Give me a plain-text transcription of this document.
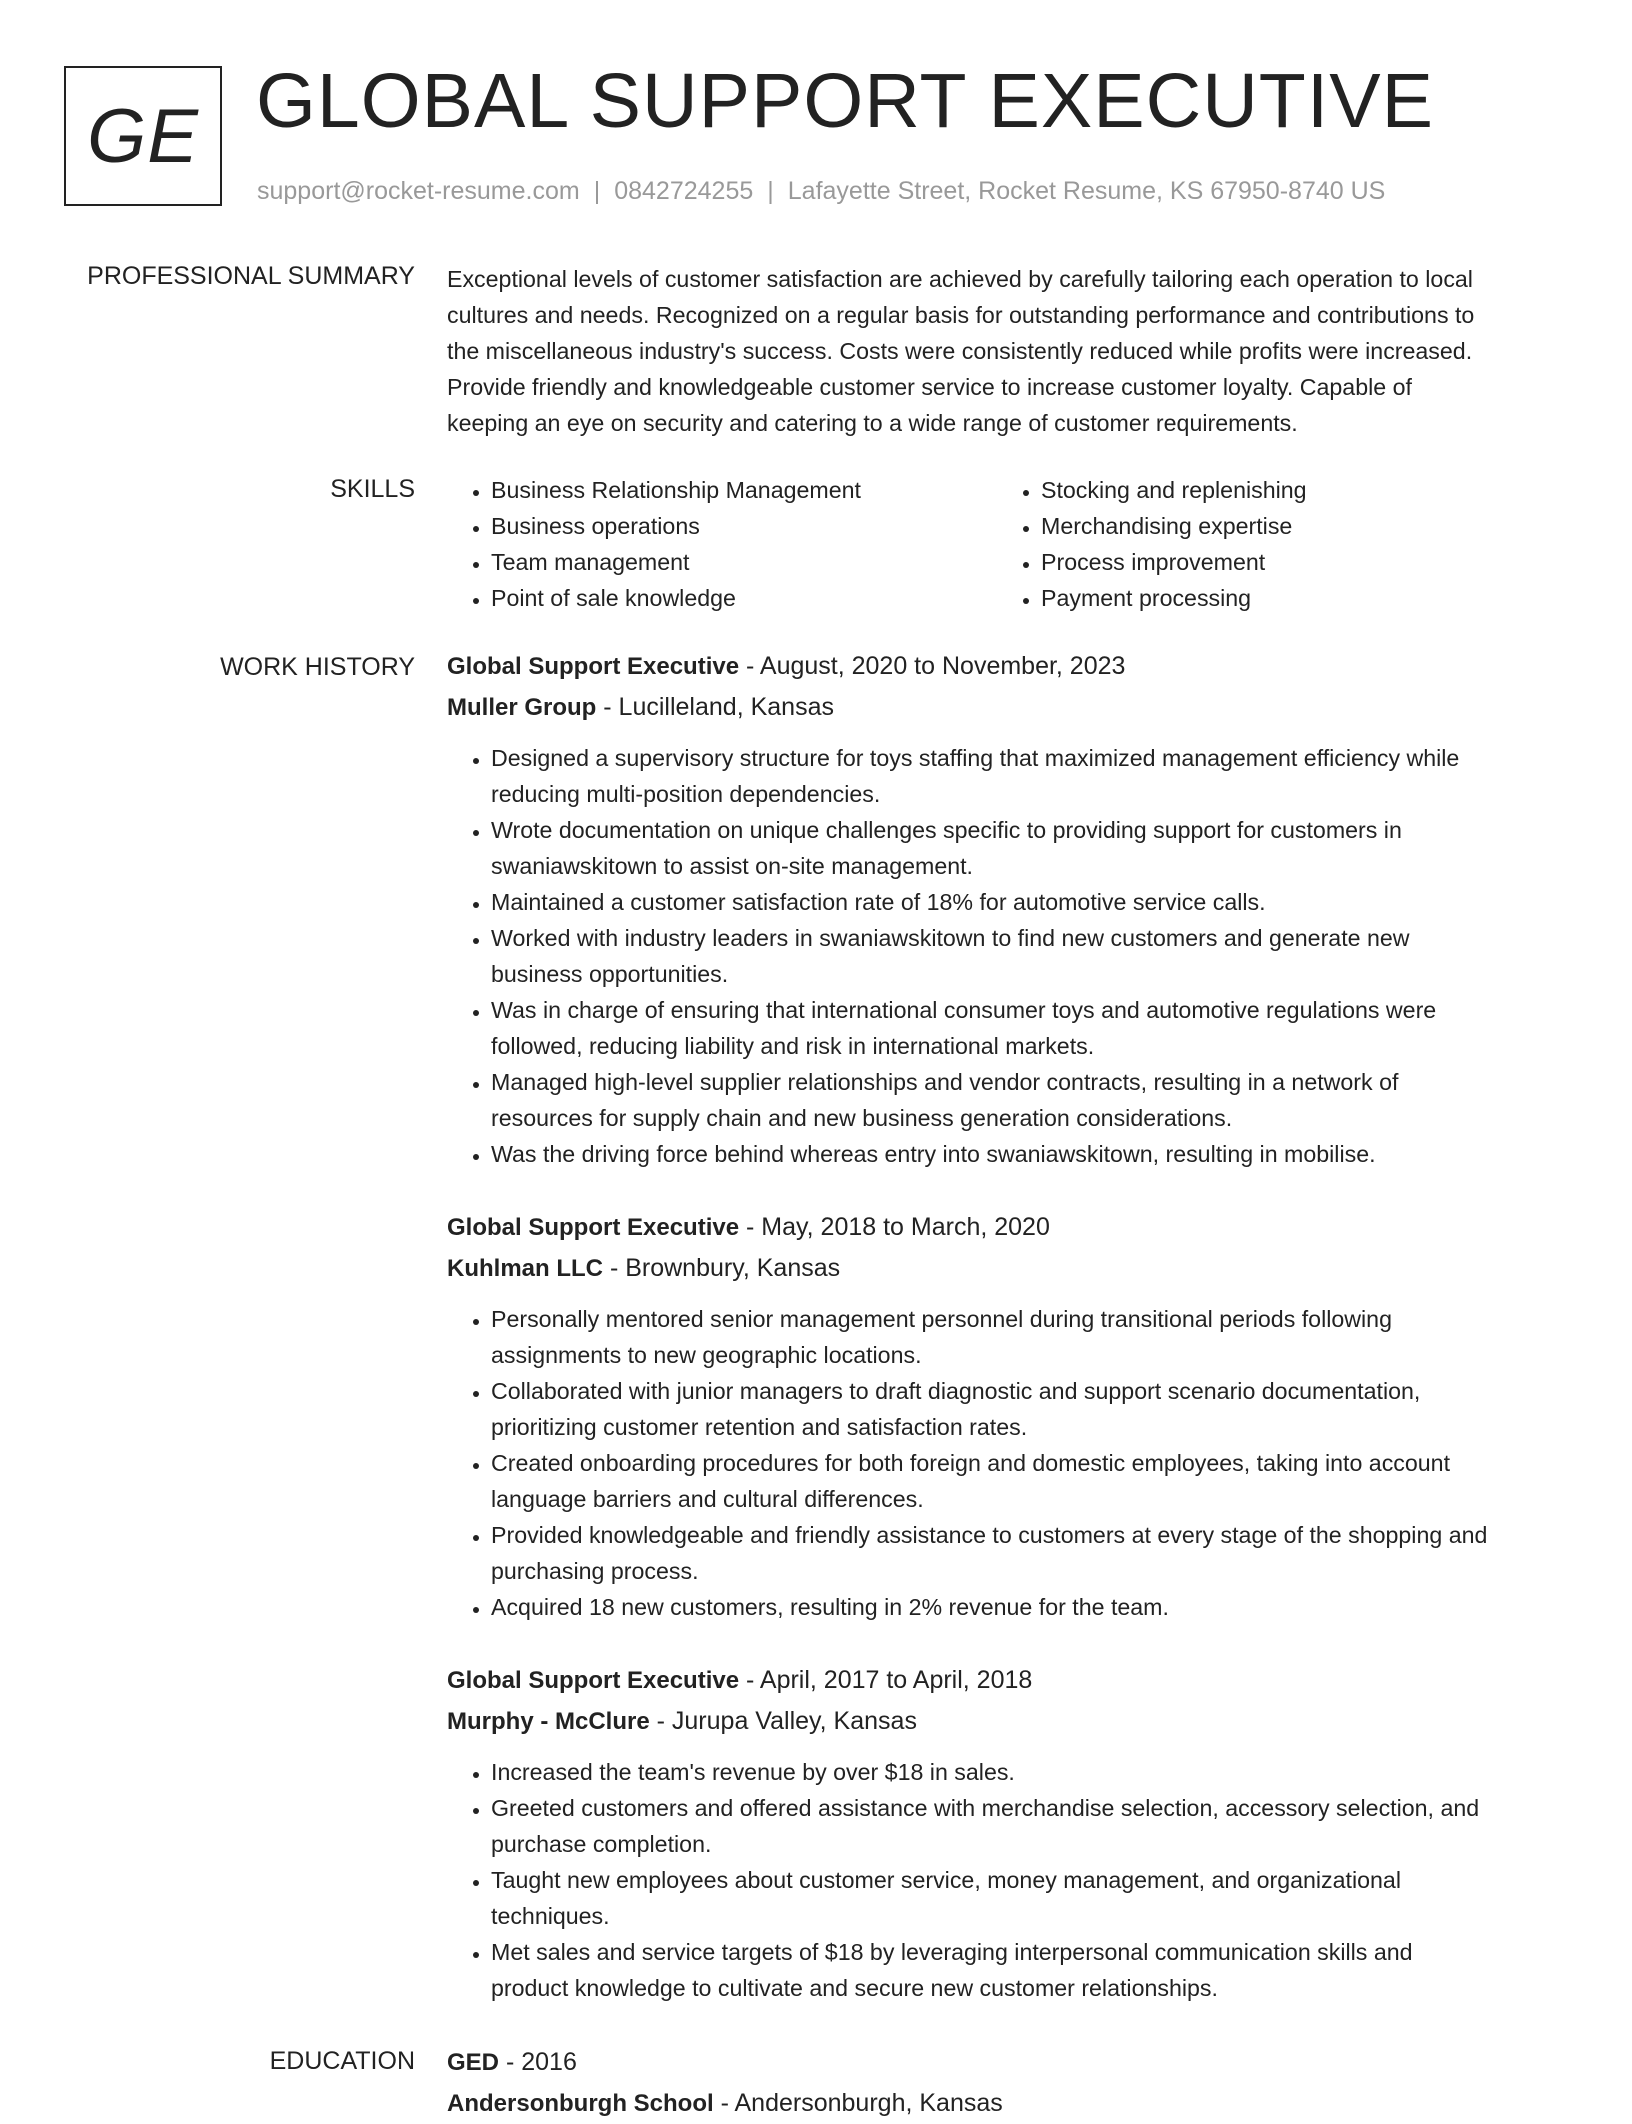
GE GLOBAL SUPPORT EXECUTIVE
support@rocket-resume.com | 0842724255 | Lafayette Street, Rocket Resume, KS 67950-8740 US
PROFESSIONAL SUMMARY Exceptional levels of customer satisfaction are achieved by carefully tailoring each operation to local
cultures and needs. Recognized on a regular basis for outstanding performance and contributions to
the miscellaneous industry's success. Costs were consistently reduced while profits were increased.
Provide friendly and knowledgeable customer service to increase customer loyalty. Capable of
keeping an eye on security and catering to a wide range of customer requirements.
SKILLS
•	Business Relationship Management
• Business operations
• Team management
• Point of sale knowledge
• Stocking and replenishing
• Merchandising expertise
• Process improvement
• Payment processing
WORK HISTORY Global Support Executive - August, 2020 to November, 2023
Muller Group - Lucilleland, Kansas
• Designed a supervisory structure for toys staffing that maximized management efficiency while
reducing multi-position dependencies.
• Wrote documentation on unique challenges specific to providing support for customers in
swaniawskitown to assist on-site management.
• Maintained a customer satisfaction rate of 18% for automotive service calls.
• Worked with industry leaders in swaniawskitown to find new customers and generate new
business opportunities.
• Was in charge of ensuring that international consumer toys and automotive regulations were
followed, reducing liability and risk in international markets.
• Managed high-level supplier relationships and vendor contracts, resulting in a network of
resources for supply chain and new business generation considerations.
• Was the driving force behind whereas entry into swaniawskitown, resulting in mobilise.
Global Support Executive - May, 2018 to March, 2020
Kuhlman LLC - Brownbury, Kansas
• Personally mentored senior management personnel during transitional periods following
assignments to new geographic locations.
• Collaborated with junior managers to draft diagnostic and support scenario documentation,
prioritizing customer retention and satisfaction rates.
• Created onboarding procedures for both foreign and domestic employees, taking into account
language barriers and cultural differences.
• Provided knowledgeable and friendly assistance to customers at every stage of the shopping and
purchasing process.
• Acquired 18 new customers, resulting in 2% revenue for the team.
Global Support Executive - April, 2017 to April, 2018
Murphy - McClure - Jurupa Valley, Kansas
• Increased the team's revenue by over $18 in sales.
• Greeted customers and offered assistance with merchandise selection, accessory selection, and
purchase completion.
• Taught new employees about customer service, money management, and organizational
techniques.
• Met sales and service targets of $18 by leveraging interpersonal communication skills and
product knowledge to cultivate and secure new customer relationships.
EDUCATION GED - 2016
Andersonburgh School - Andersonburgh, Kansas
